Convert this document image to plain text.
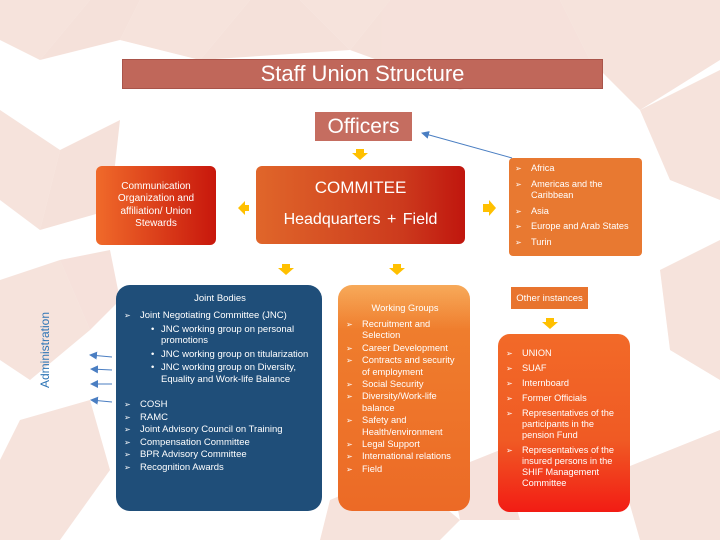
Staff Union Structure
Officers
COMMITEE
Headquarters + Field
Communication Organization and affiliation/ Union Stewards
➢ Africa
➢ Americas and the Caribbean
➢ Asia
➢ Europe and Arab States
➢ Turin
Joint Bodies
➢ Joint Negotiating Committee (JNC)
• JNC working group on personal promotions
• JNC working group on titularization
• JNC working group on Diversity, Equality and Work-life Balance
➢ COSH
➢ RAMC
➢ Joint Advisory Council on Training
➢ Compensation Committee
➢ BPR Advisory Committee
➢ Recognition Awards
Working Groups
➢ Recruitment and Selection
➢ Career Development
➢ Contracts and security of employment
➢ Social Security
➢ Diversity/Work-life balance
➢ Safety and Health/environment
➢ Legal Support
➢ International relations
➢ Field
Other instances
➢ UNION
➢ SUAF
➢ Internboard
➢ Former Officials
➢ Representatives of the participants in the pension Fund
➢ Representatives of the insured persons in the SHIF Management Committee
Administration
